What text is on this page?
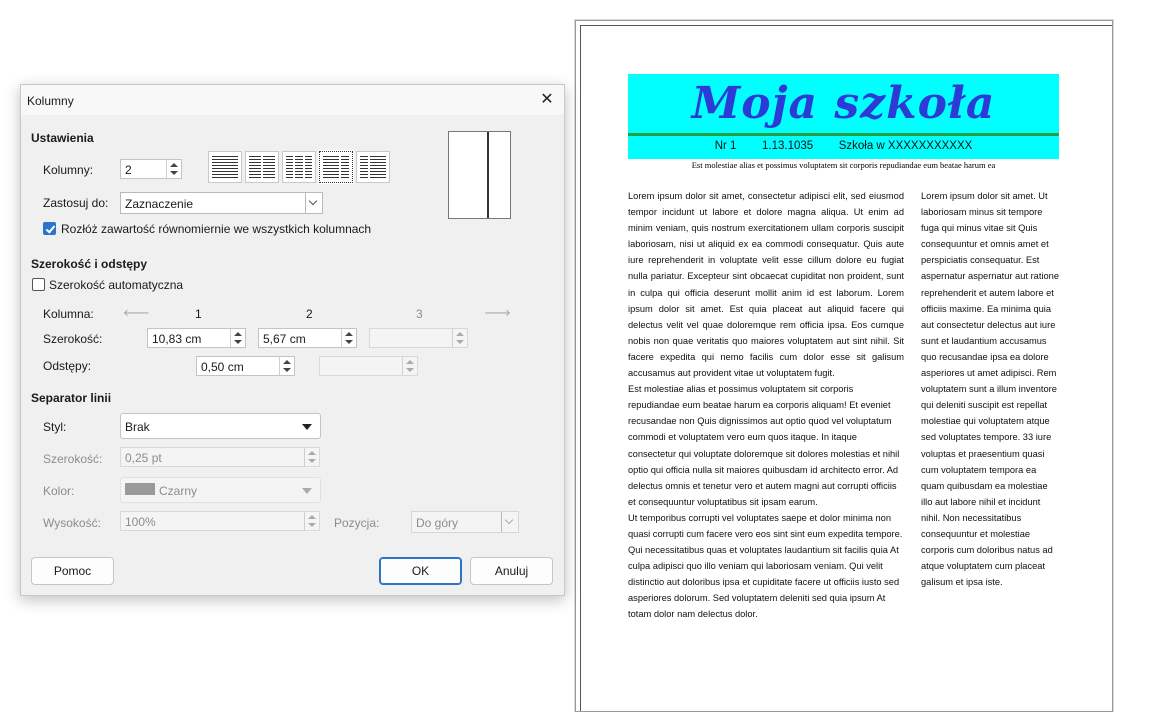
Moja szkoła
Nr 1        1.13.1035        Szkoła w XXXXXXXXXXX
Est molestiae alias et possimus voluptatem sit corporis repudiandae eum beatae harum ea

Lorem ipsum dolor sit amet, consectetur adipisci elit, sed eiusmod tempor incidunt ut labore et dolore magna aliqua. Ut enim ad minim veniam, quis nostrum exercitationem ullam corporis suscipit laboriosam, nisi ut aliquid ex ea commodi consequatur. Quis aute iure reprehenderit in voluptate velit esse cillum dolore eu fugiat nulla pariatur. Excepteur sint obcaecat cupiditat non proident, sunt in culpa qui officia deserunt mollit anim id est laborum. Lorem ipsum dolor sit amet. Est quia placeat aut aliquid facere qui delectus velit vel quae doloremque rem officia ipsa. Eos cumque nobis non quae veritatis quo maiores voluptatem aut sint nihil. Sit facere expedita qui nemo facilis cum dolor esse sit galisum accusamus aut provident vitae ut voluptatem fugit.

Est molestiae alias et possimus voluptatem sit corporis repudiandae eum beatae harum ea corporis aliquam! Et eveniet recusandae non Quis dignissimos aut optio quod vel voluptatum commodi et voluptatem vero eum quos itaque. In itaque consectetur qui voluptate doloremque sit dolores molestias et nihil optio qui officia nulla sit maiores quibusdam id architecto error. Ad delectus omnis et tenetur vero et autem magni aut corrupti officiis et consequuntur voluptatibus sit ipsam earum.

Ut temporibus corrupti vel voluptates saepe et dolor minima non quasi corrupti cum facere vero eos sint sint eum expedita tempore. Qui necessitatibus quas et voluptates laudantium sit facilis quia At culpa adipisci quo illo veniam qui laboriosam veniam. Qui velit distinctio aut doloribus ipsa et cupiditate facere ut officiis iusto sed asperiores dolorum. Sed voluptatem deleniti sed quia ipsum At totam dolor nam delectus dolor.

Lorem ipsum dolor sit amet. Ut laboriosam minus sit tempore fuga qui minus vitae sit Quis consequuntur et omnis amet et perspiciatis consequatur. Est aspernatur aspernatur aut ratione reprehenderit et autem labore et officiis maxime. Ea minima quia aut consectetur delectus aut iure sunt et laudantium accusamus quo recusandae ipsa ea dolore asperiores ut amet adipisci. Rem voluptatem sunt a illum inventore qui deleniti suscipit est repellat molestiae qui voluptatem atque sed voluptates tempore. 33 iure voluptas et praesentium quasi cum voluptatem tempora ea quam quibusdam ea molestiae illo aut labore nihil et incidunt nihil. Non necessitatibus consequuntur et molestiae corporis cum doloribus natus ad atque voluptatem cum placeat galisum et ipsa iste.

Kolumny	✕
Ustawienia
Kolumny:	2
Zastosuj do: Zaznaczenie
Rozłóż zawartość równomiernie we wszystkich kolumnach
Szerokość i odstępy
Szerokość automatyczna
Kolumna:	🡐	1	2	3	🡒
Szerokość:	10,83 cm	5,67 cm
Odstępy:	0,50 cm
Separator linii
Styl:	Brak
Szerokość: 0,25 pt
Kolor:	Czarny
Wysokość: 100%	Pozycja:	Do góry
Pomoc	OK	Anuluj
